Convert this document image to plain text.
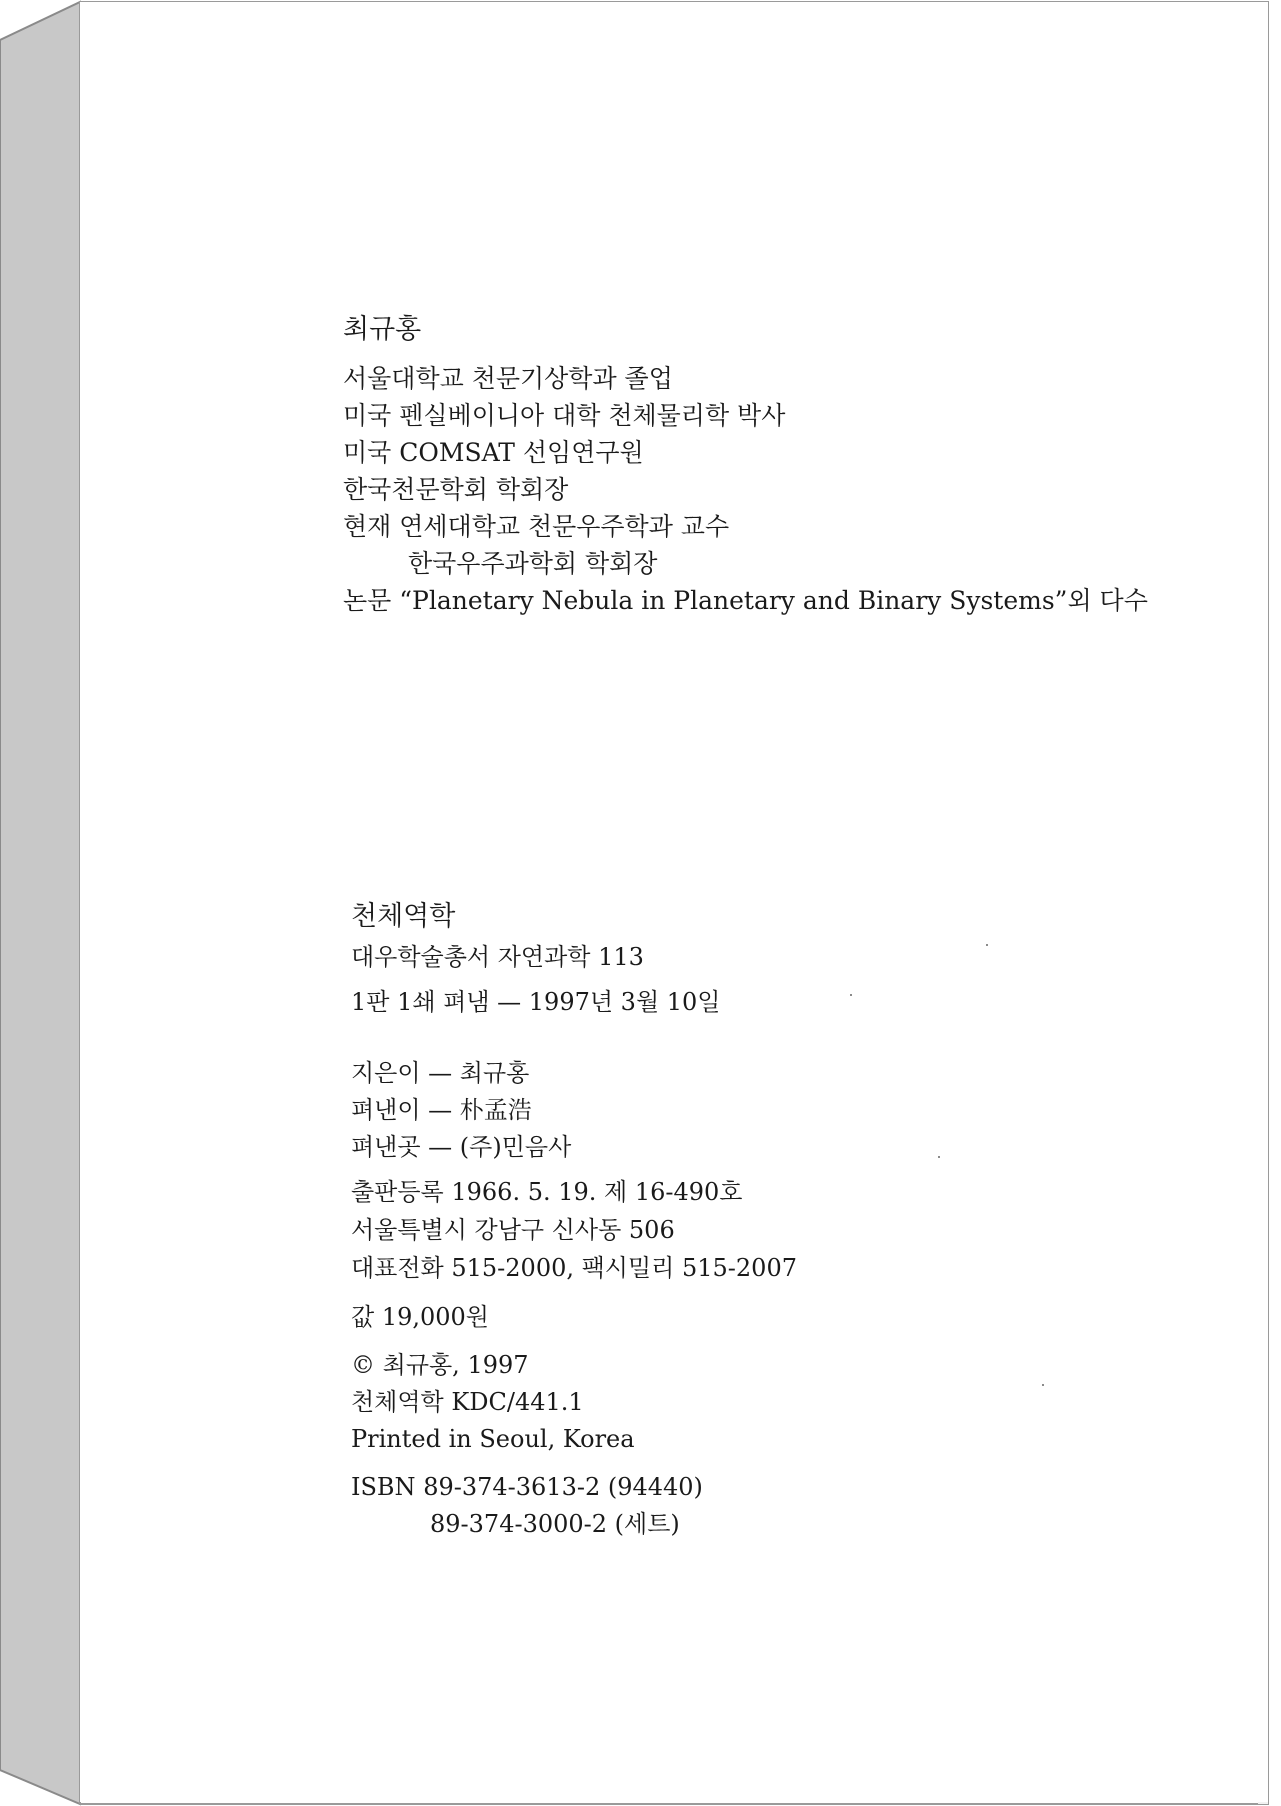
최규홍
서울대학교 천문기상학과 졸업
미국 펜실베이니아 대학 천체물리학 박사
미국 COMSAT 선임연구원
한국천문학회 학회장
현재 연세대학교 천문우주학과 교수
한국우주과학회 학회장
논문 “Planetary Nebula in Planetary and Binary Systems”외 다수
천체역학
대우학술총서 자연과학 113
1판 1쇄 펴냄 — 1997년 3월 10일
지은이 — 최규홍
펴낸이 — 朴孟浩
펴낸곳 — (주)민음사
출판등록 1966. 5. 19. 제 16-490호
서울특별시 강남구 신사동 506
대표전화 515-2000, 팩시밀리 515-2007
값 19,000원
© 최규홍, 1997
천체역학 KDC/441.1
Printed in Seoul, Korea
ISBN 89-374-3613-2 (94440)
89-374-3000-2 (세트)
